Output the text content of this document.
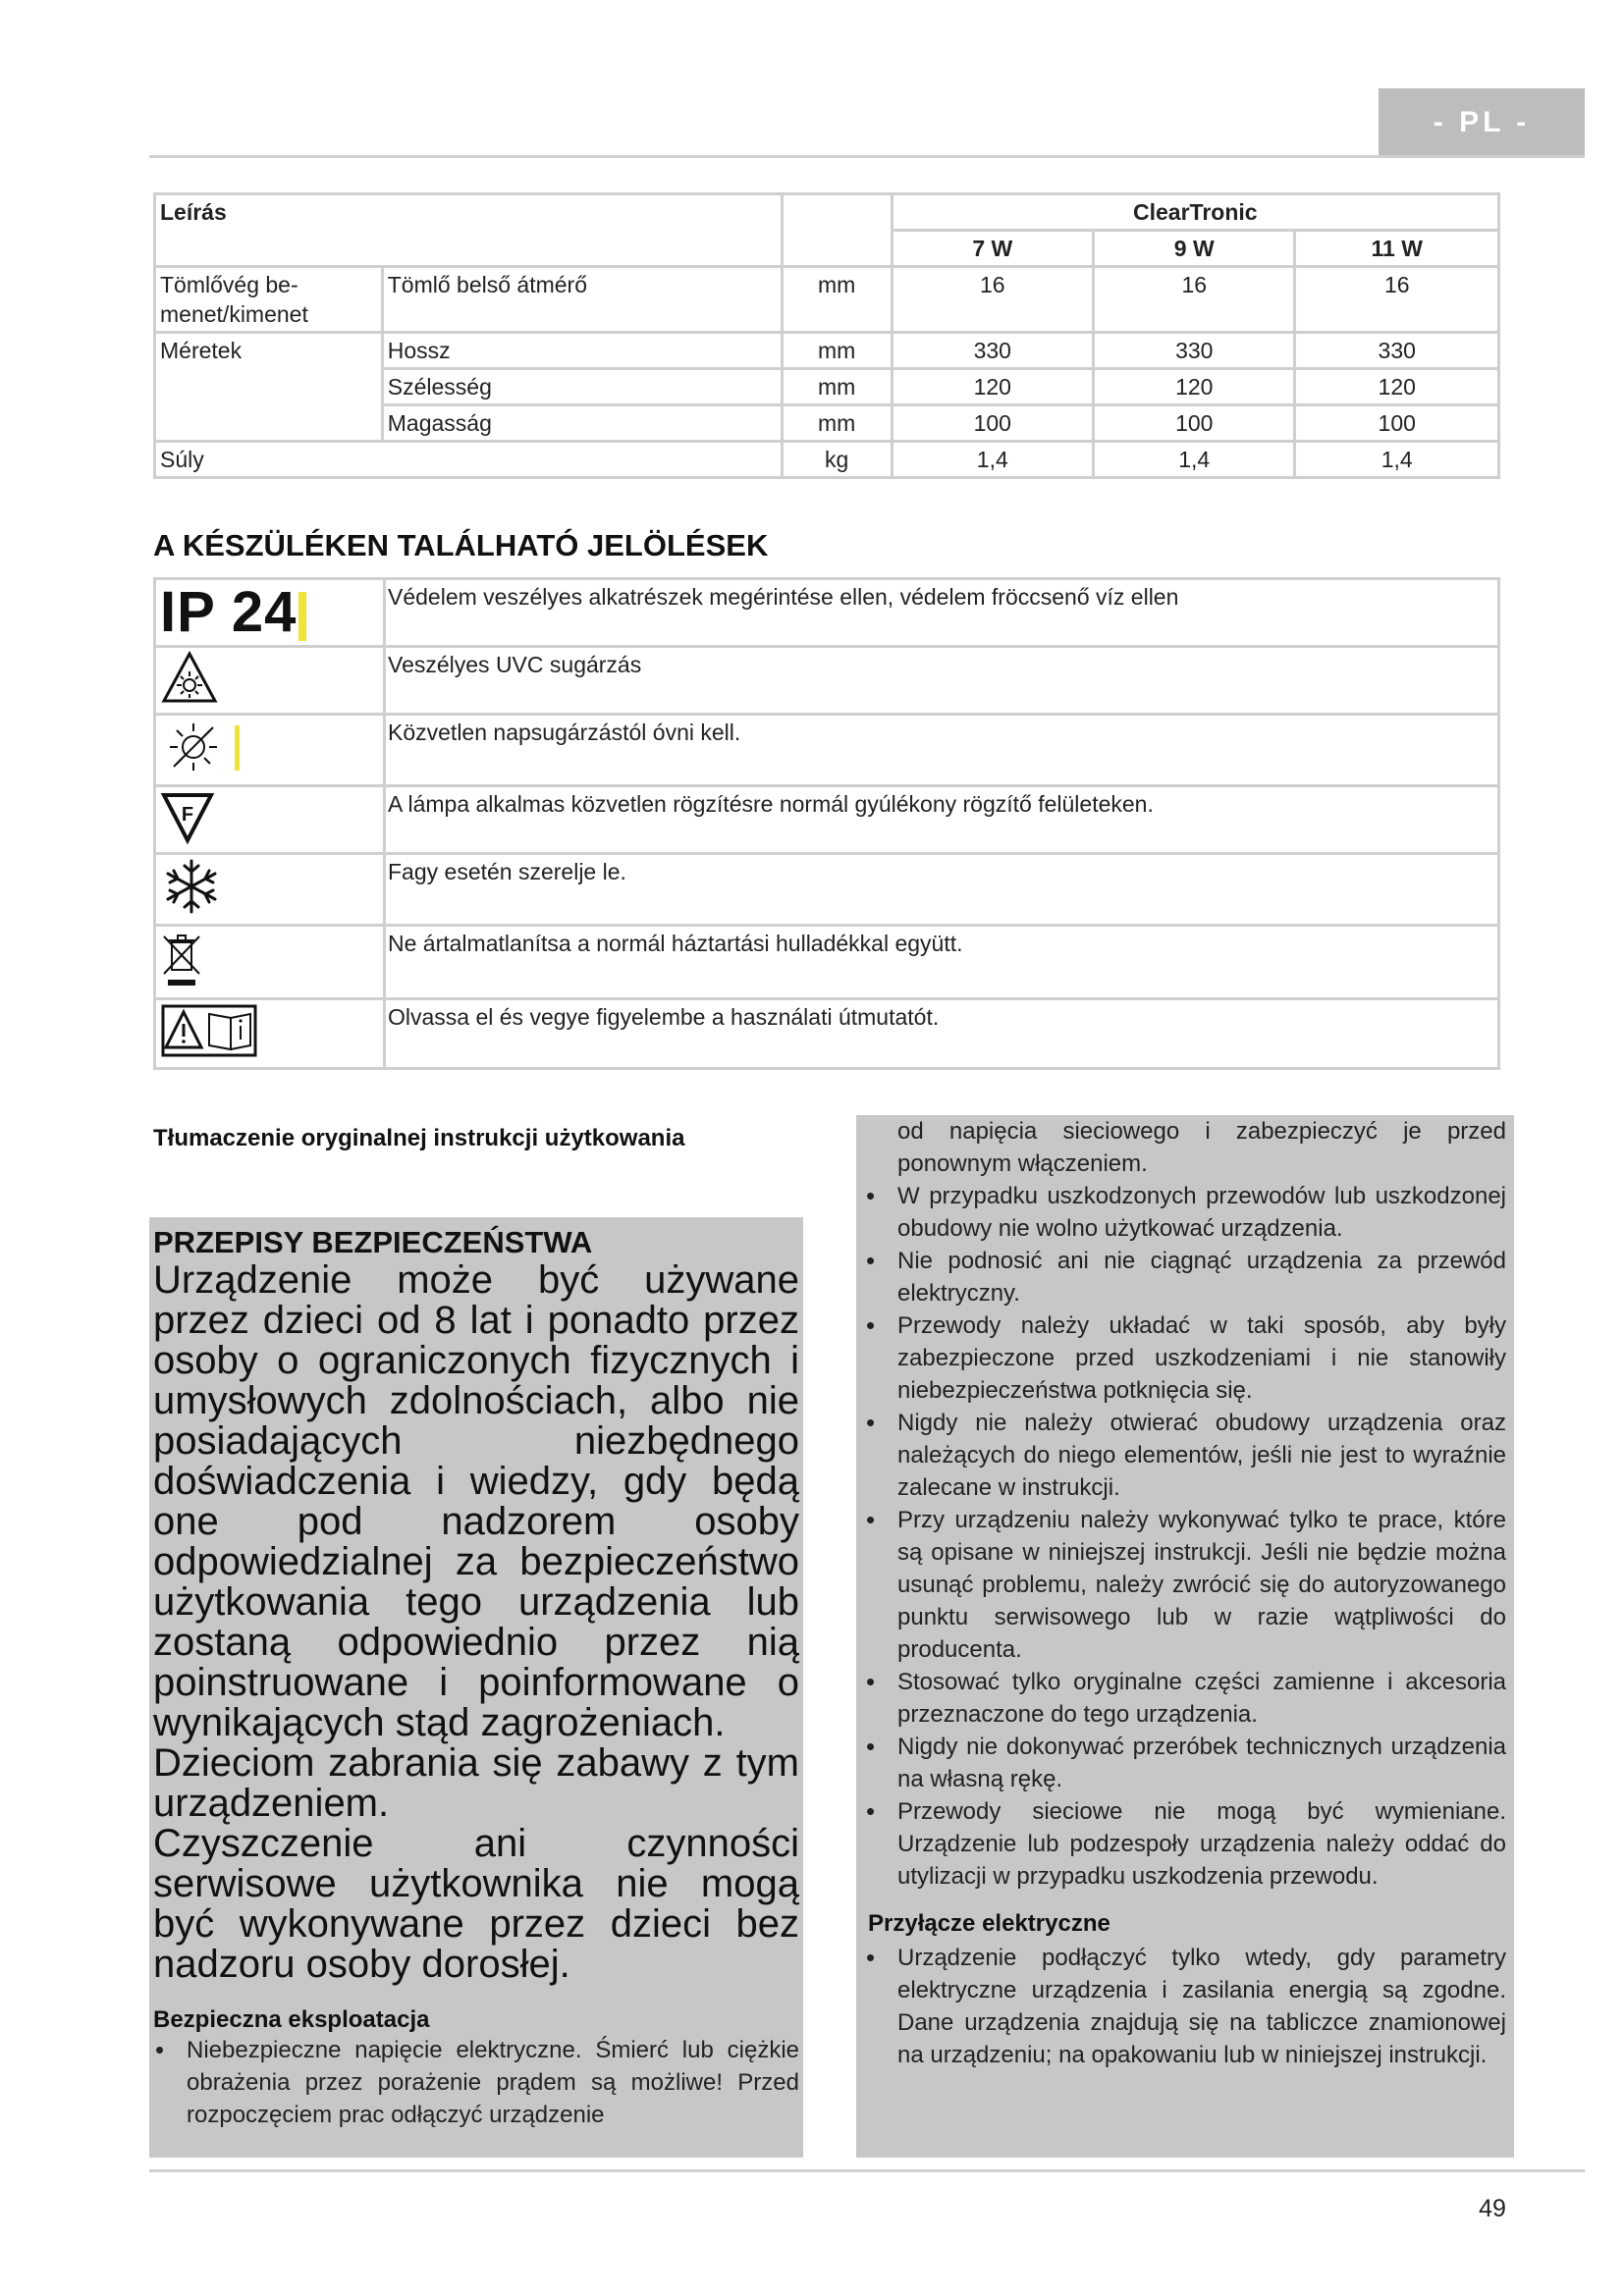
- PL -
Leírás			ClearTronic		
			7 W	9 W	11 W
Tömlővég be-menet/kimenet	Tömlő belső átmérő	mm	16	16	16
Méretek	Hossz	mm	330	330	330
	Szélesség	mm	120	120	120
	Magasság	mm	100	100	100
Súly		kg	1,4	1,4	1,4
A KÉSZÜLÉKEN TALÁLHATÓ JELÖLÉSEK
IP 24	Védelem veszélyes alkatrészek megérintése ellen, védelem fröccsenő víz ellen
	Veszélyes UVC sugárzás
	Közvetlen napsugárzástól óvni kell.

F	A lámpa alkalmas közvetlen rögzítésre normál gyúlékony rögzítő felületeken.
	Fagy esetén szerelje le.
	Ne ártalmatlanítsa a normál háztartási hulladékkal együtt.
	Olvassa el és vegye figyelembe a használati útmutatót.
Tłumaczenie oryginalnej instrukcji użytkowania
PRZEPISY BEZPIECZEŃSTWA

Urządzenie może być używane przez dzieci od 8 lat i ponadto przez osoby o ograniczonych fizycznych i umysłowych zdolnościach, albo nie posiadających niezbędnego doświadczenia i wiedzy, gdy będą one pod nadzorem osoby odpowiedzialnej za bezpieczeństwo użytkowania tego urządzenia lub zostaną odpowiednio przez nią poinstruowane i poinformowane o wynikających stąd zagrożeniach.

Dzieciom zabrania się zabawy z tym urządzeniem.

Czyszczenie ani czynności serwisowe użytkownika nie mogą być wykonywane przez dzieci bez nadzoru osoby dorosłej.

Bezpieczna eksploatacja
• Niebezpieczne napięcie elektryczne. Śmierć lub ciężkie obrażenia przez porażenie prądem są możliwe! Przed rozpoczęciem prac odłączyć urządzenie

od napięcia sieciowego i zabezpieczyć je przed ponownym włączeniem.

• W przypadku uszkodzonych przewodów lub uszkodzonej obudowy nie wolno użytkować urządzenia.
• Nie podnosić ani nie ciągnąć urządzenia za przewód elektryczny.
• Przewody należy układać w taki sposób, aby były zabezpieczone przed uszkodzeniami i nie stanowiły niebezpieczeństwa potknięcia się.
• Nigdy nie należy otwierać obudowy urządzenia oraz należących do niego elementów, jeśli nie jest to wyraźnie zalecane w instrukcji.
• Przy urządzeniu należy wykonywać tylko te prace, które są opisane w niniejszej instrukcji. Jeśli nie będzie można usunąć problemu, należy zwrócić się do autoryzowanego punktu serwisowego lub w razie wątpliwości do producenta.
• Stosować tylko oryginalne części zamienne i akcesoria przeznaczone do tego urządzenia.
• Nigdy nie dokonywać przeróbek technicznych urządzenia na własną rękę.
• Przewody sieciowe nie mogą być wymieniane. Urządzenie lub podzespoły urządzenia należy oddać do utylizacji w przypadku uszkodzenia przewodu.
Przyłącze elektryczne
• Urządzenie podłączyć tylko wtedy, gdy parametry elektryczne urządzenia i zasilania energią są zgodne. Dane urządzenia znajdują się na tabliczce znamionowej na urządzeniu; na opakowaniu lub w niniejszej instrukcji.
49
